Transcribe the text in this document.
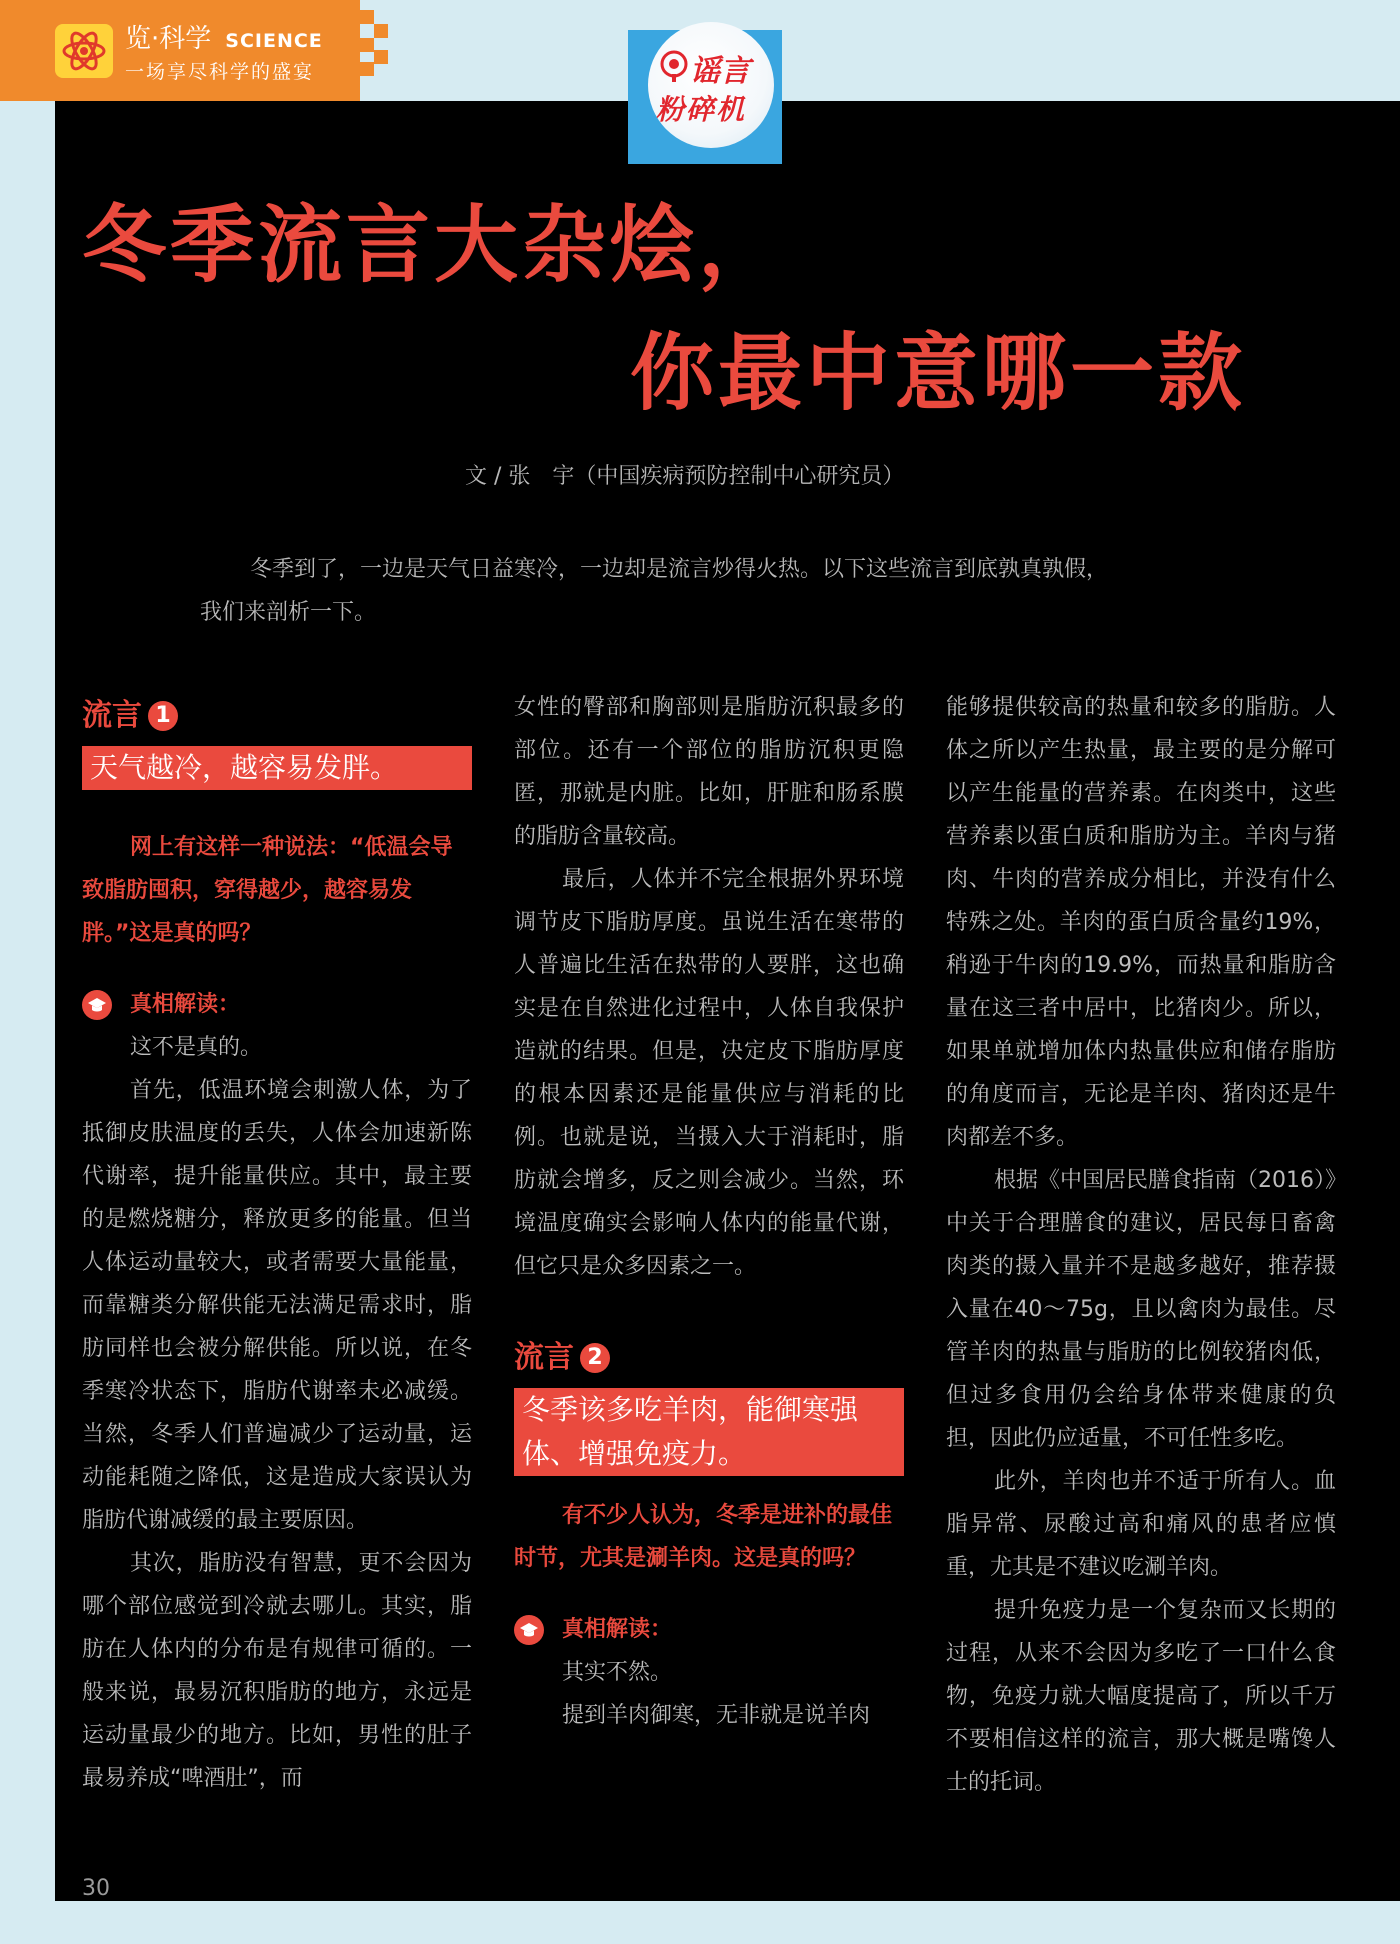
览·科学 SCIENCE
一场享尽科学的盛宴	谣言
粉碎机
冬季流言大杂烩，
你最中意哪一款
文 / 张　宇（中国疾病预防控制中心研究员）

冬季到了，一边是天气日益寒冷，一边却是流言炒得火热。以下这些流言到底孰真孰假，

我们来剖析一下。

流言 1
天气越冷，越容易发胖。

网上有这样一种说法：“低温会导致脂肪囤积，穿得越少，越容易发胖。”这是真的吗？

真相解读：

这不是真的。

首先，低温环境会刺激人体，为了抵御皮肤温度的丢失，人体会加速新陈代谢率，提升能量供应。其中，最主要的是燃烧糖分，释放更多的能量。但当人体运动量较大，或者需要大量能量，而靠糖类分解供能无法满足需求时，脂肪同样也会被分解供能。所以说，在冬季寒冷状态下，脂肪代谢率未必减缓。当然，冬季人们普遍减少了运动量，运动能耗随之降低，这是造成大家误认为脂肪代谢减缓的最主要原因。

其次，脂肪没有智慧，更不会因为哪个部位感觉到冷就去哪儿。其实，脂肪在人体内的分布是有规律可循的。一般来说，最易沉积脂肪的地方，永远是运动量最少的地方。比如，男性的肚子最易养成“啤酒肚”，而

女性的臀部和胸部则是脂肪沉积最多的部位。还有一个部位的脂肪沉积更隐匿，那就是内脏。比如，肝脏和肠系膜的脂肪含量较高。

最后，人体并不完全根据外界环境调节皮下脂肪厚度。虽说生活在寒带的人普遍比生活在热带的人要胖，这也确实是在自然进化过程中，人体自我保护造就的结果。但是，决定皮下脂肪厚度的根本因素还是能量供应与消耗的比例。也就是说，当摄入大于消耗时，脂肪就会增多，反之则会减少。当然，环境温度确实会影响人体内的能量代谢，但它只是众多因素之一。

流言 2
冬季该多吃羊肉，能御寒强体、增强免疫力。

有不少人认为，冬季是进补的最佳时节，尤其是涮羊肉。这是真的吗？

真相解读：

其实不然。

提到羊肉御寒，无非就是说羊肉

能够提供较高的热量和较多的脂肪。人体之所以产生热量，最主要的是分解可以产生能量的营养素。在肉类中，这些营养素以蛋白质和脂肪为主。羊肉与猪肉、牛肉的营养成分相比，并没有什么特殊之处。羊肉的蛋白质含量约19%，稍逊于牛肉的19.9%，而热量和脂肪含量在这三者中居中，比猪肉少。所以，如果单就增加体内热量供应和储存脂肪的角度而言，无论是羊肉、猪肉还是牛肉都差不多。

根据《中国居民膳食指南（2016）》中关于合理膳食的建议，居民每日畜禽肉类的摄入量并不是越多越好，推荐摄入量在40～75g，且以禽肉为最佳。尽管羊肉的热量与脂肪的比例较猪肉低，但过多食用仍会给身体带来健康的负担，因此仍应适量，不可任性多吃。

此外，羊肉也并不适于所有人。血脂异常、尿酸过高和痛风的患者应慎重，尤其是不建议吃涮羊肉。

提升免疫力是一个复杂而又长期的过程，从来不会因为多吃了一口什么食物，免疫力就大幅度提高了，所以千万不要相信这样的流言，那大概是嘴馋人士的托词。

30
